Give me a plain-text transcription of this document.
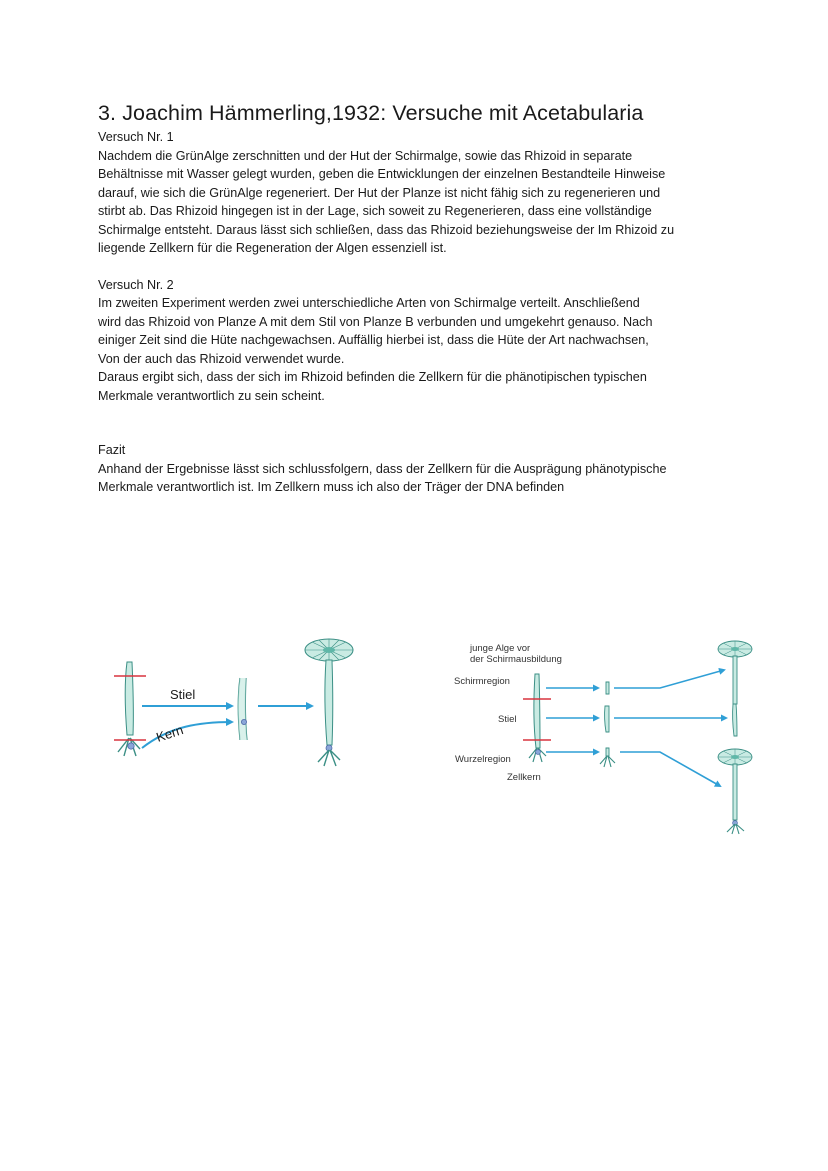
3. Joachim Hämmerling,1932: Versuche mit Acetabularia
Versuch Nr. 1

Nachdem die GrünAlge zerschnitten und der Hut der Schirmalge, sowie das Rhizoid in separate

Behältnisse mit Wasser gelegt wurden, geben die Entwicklungen der einzelnen Bestandteile Hinweise

darauf, wie sich die GrünAlge regeneriert. Der Hut der Planze ist nicht fähig sich zu regenerieren und

stirbt ab. Das Rhizoid hingegen ist in der Lage, sich soweit zu Regenerieren, dass eine vollständige

Schirmalge entsteht. Daraus lässt sich schließen, dass das Rhizoid beziehungsweise der Im Rhizoid zu

liegende Zellkern für die Regeneration der Algen essenziell ist.

Versuch Nr. 2

Im zweiten Experiment werden zwei unterschiedliche Arten von Schirmalge verteilt. Anschließend

wird das Rhizoid von Planze A mit dem Stil von Planze B verbunden und umgekehrt genauso. Nach

einiger Zeit sind die Hüte nachgewachsen. Auffällig hierbei ist, dass die Hüte der Art nachwachsen,

Von der auch das Rhizoid verwendet wurde.

Daraus ergibt sich, dass der sich im Rhizoid befinden die Zellkern für die phänotipischen typischen

Merkmale verantwortlich zu sein scheint.

Fazit

Anhand der Ergebnisse lässt sich schlussfolgern, dass der Zellkern für die Ausprägung phänotypische

Merkmale verantwortlich ist. Im Zellkern muss ich also der Träger der DNA befinden

Stiel
Kern
junge Alge vor
der Schirmausbildung
Schirmregion
Stiel
Wurzelregion
Zellkern
